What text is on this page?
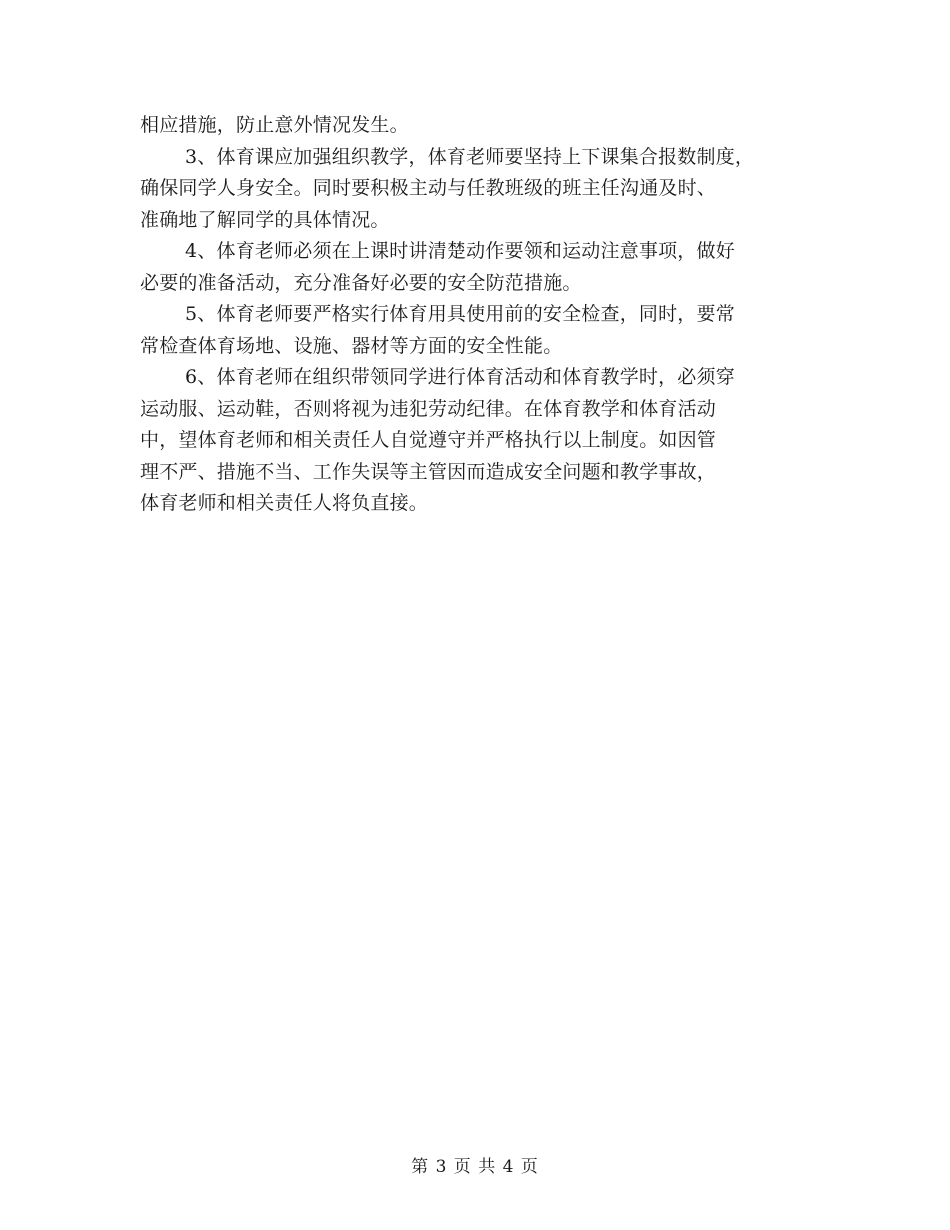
相应措施，防止意外情况发生。
3、体育课应加强组织教学，体育老师要坚持上下课集合报数制度，
确保同学人身安全。同时要积极主动与任教班级的班主任沟通及时、
准确地了解同学的具体情况。
4、体育老师必须在上课时讲清楚动作要领和运动注意事项，做好
必要的准备活动，充分准备好必要的安全防范措施。
5、体育老师要严格实行体育用具使用前的安全检查，同时，要常
常检查体育场地、设施、器材等方面的安全性能。
6、体育老师在组织带领同学进行体育活动和体育教学时，必须穿
运动服、运动鞋，否则将视为违犯劳动纪律。在体育教学和体育活动
中，望体育老师和相关责任人自觉遵守并严格执行以上制度。如因管
理不严、措施不当、工作失误等主管因而造成安全问题和教学事故，
体育老师和相关责任人将负直接。
第 3 页 共 4 页
